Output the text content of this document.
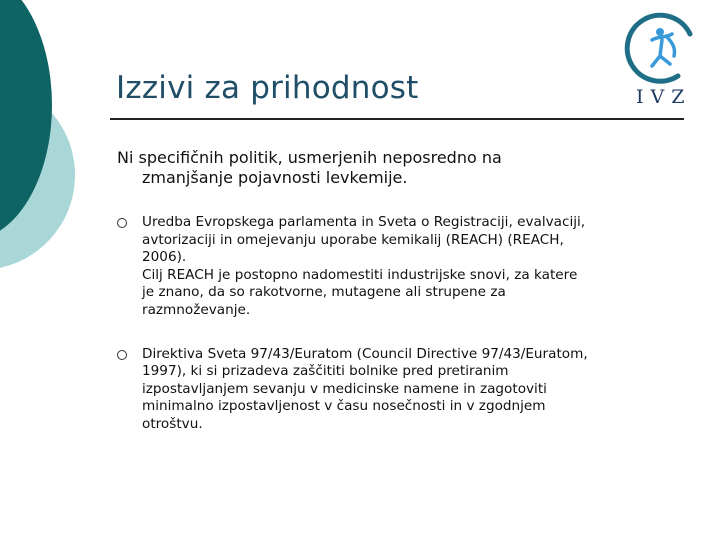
Izzivi za prihodnost	IVZ
Ni specifičnih politik, usmerjenih neposredno na
zmanjšanje pojavnosti levkemije.
Uredba Evropskega parlamenta in Sveta o Registraciji, evalvaciji,
avtorizaciji in omejevanju uporabe kemikalij (REACH) (REACH,
2006).
Cilj REACH je postopno nadomestiti industrijske snovi, za katere
je znano, da so rakotvorne, mutagene ali strupene za
razmnoževanje.
Direktiva Sveta 97/43/Euratom (Council Directive 97/43/Euratom,
1997), ki si prizadeva zaščititi bolnike pred pretiranim
izpostavljanjem sevanju v medicinske namene in zagotoviti
minimalno izpostavljenost v času nosečnosti in v zgodnjem
otroštvu.
